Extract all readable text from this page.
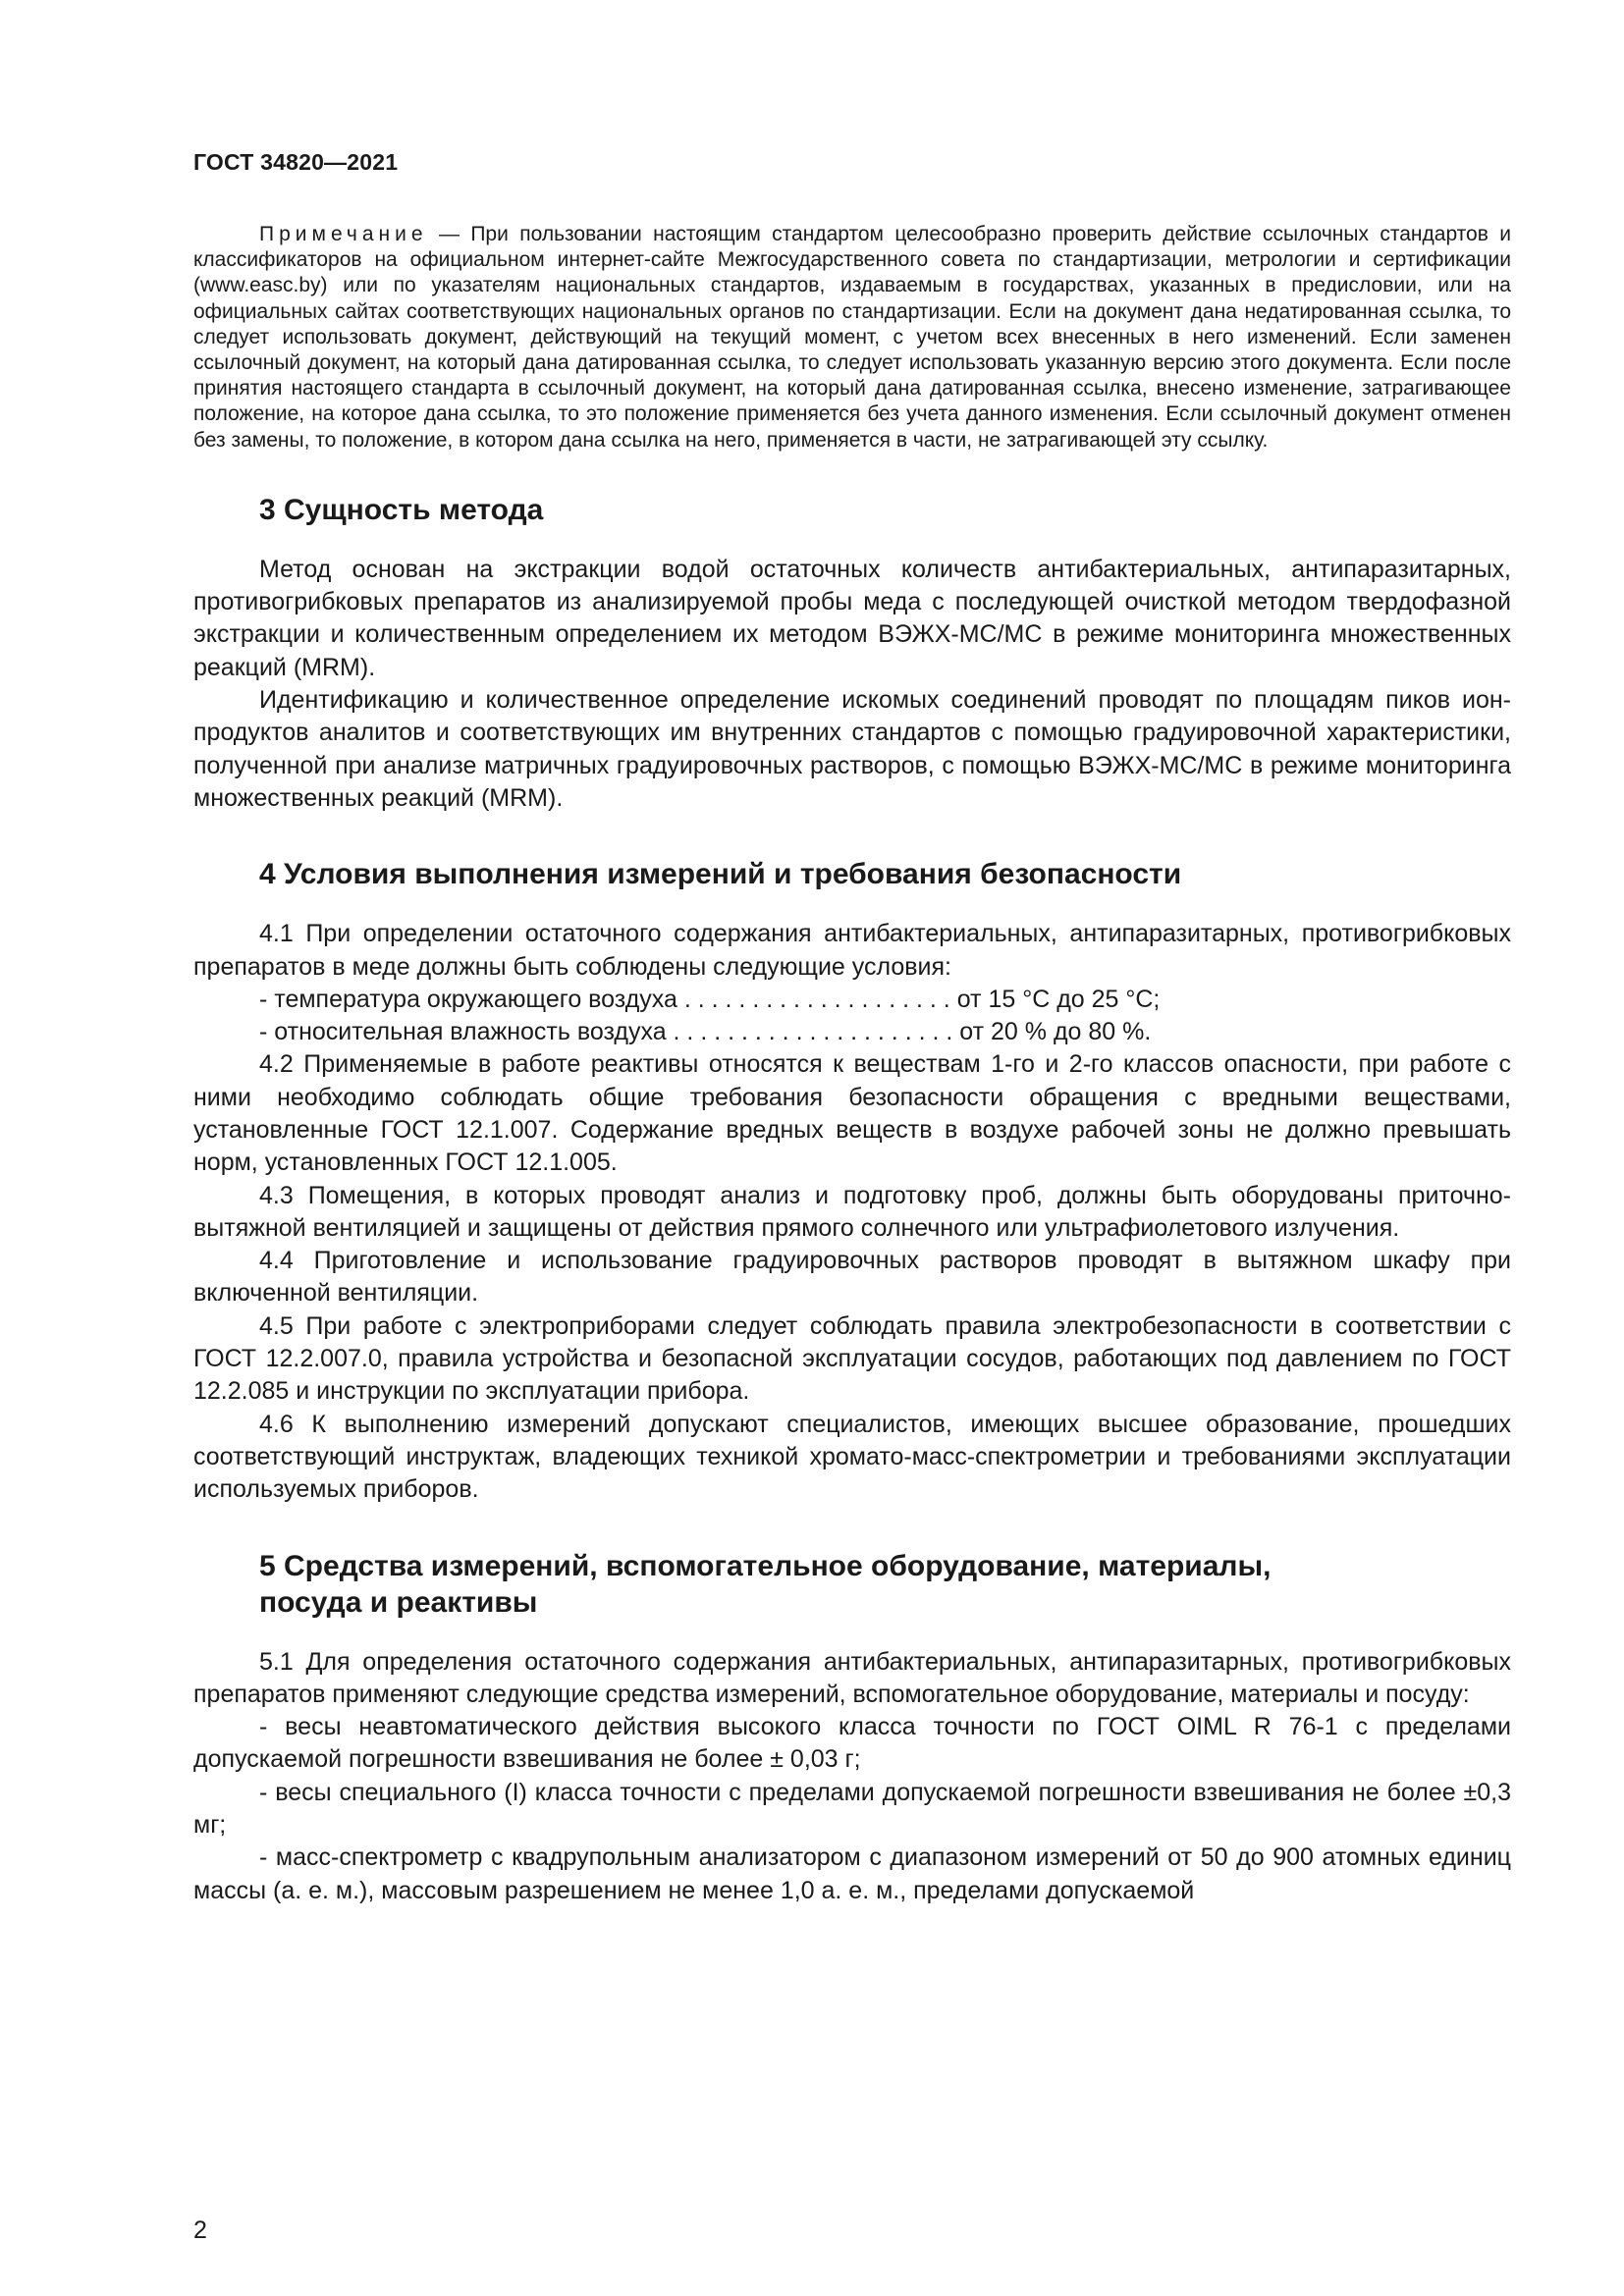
ГОСТ 34820—2021

Примечание — При пользовании настоящим стандартом целесообразно проверить действие ссылочных стандартов и классификаторов на официальном интернет-сайте Межгосударственного совета по стандартизации, метрологии и сертификации (www.easc.by) или по указателям национальных стандартов, издаваемым в государствах, указанных в предисловии, или на официальных сайтах соответствующих национальных органов по стандартизации. Если на документ дана недатированная ссылка, то следует использовать документ, действующий на текущий момент, с учетом всех внесенных в него изменений. Если заменен ссылочный документ, на который дана датированная ссылка, то следует использовать указанную версию этого документа. Если после принятия настоящего стандарта в ссылочный документ, на который дана датированная ссылка, внесено изменение, затрагивающее положение, на которое дана ссылка, то это положение применяется без учета данного изменения. Если ссылочный документ отменен без замены, то положение, в котором дана ссылка на него, применяется в части, не затрагивающей эту ссылку.

3 Сущность метода

Метод основан на экстракции водой остаточных количеств антибактериальных, антипаразитарных, противогрибковых препаратов из анализируемой пробы меда с последующей очисткой методом твердофазной экстракции и количественным определением их методом ВЭЖХ-МС/МС в режиме мониторинга множественных реакций (MRM).

Идентификацию и количественное определение искомых соединений проводят по площадям пиков ион-продуктов аналитов и соответствующих им внутренних стандартов с помощью градуировочной характеристики, полученной при анализе матричных градуировочных растворов, с помощью ВЭЖХ-МС/МС в режиме мониторинга множественных реакций (MRM).

4 Условия выполнения измерений и требования безопасности

4.1 При определении остаточного содержания антибактериальных, антипаразитарных, противогрибковых препаратов в меде должны быть соблюдены следующие условия:

- температура окружающего воздуха . . . . . . . . . . . . . . . . . . . . от 15 °С до 25 °С;

- относительная влажность воздуха . . . . . . . . . . . . . . . . . . . . . от 20 % до 80 %.

4.2 Применяемые в работе реактивы относятся к веществам 1-го и 2-го классов опасности, при работе с ними необходимо соблюдать общие требования безопасности обращения с вредными веществами, установленные ГОСТ 12.1.007. Содержание вредных веществ в воздухе рабочей зоны не должно превышать норм, установленных ГОСТ 12.1.005.

4.3 Помещения, в которых проводят анализ и подготовку проб, должны быть оборудованы приточно-вытяжной вентиляцией и защищены от действия прямого солнечного или ультрафиолетового излучения.

4.4 Приготовление и использование градуировочных растворов проводят в вытяжном шкафу при включенной вентиляции.

4.5 При работе с электроприборами следует соблюдать правила электробезопасности в соответствии с ГОСТ 12.2.007.0, правила устройства и безопасной эксплуатации сосудов, работающих под давлением по ГОСТ 12.2.085 и инструкции по эксплуатации прибора.

4.6 К выполнению измерений допускают специалистов, имеющих высшее образование, прошедших соответствующий инструктаж, владеющих техникой хромато-масс-спектрометрии и требованиями эксплуатации используемых приборов.

5 Средства измерений, вспомогательное оборудование, материалы,
посуда и реактивы

5.1 Для определения остаточного содержания антибактериальных, антипаразитарных, противогрибковых препаратов применяют следующие средства измерений, вспомогательное оборудование, материалы и посуду:

- весы неавтоматического действия высокого класса точности по ГОСТ OIML R 76-1 с пределами допускаемой погрешности взвешивания не более ± 0,03 г;

- весы специального (I) класса точности с пределами допускаемой погрешности взвешивания не более ±0,3 мг;

- масс-спектрометр с квадрупольным анализатором с диапазоном измерений от 50 до 900 атомных единиц массы (а. е. м.), массовым разрешением не менее 1,0 а. е. м., пределами допускаемой

2
